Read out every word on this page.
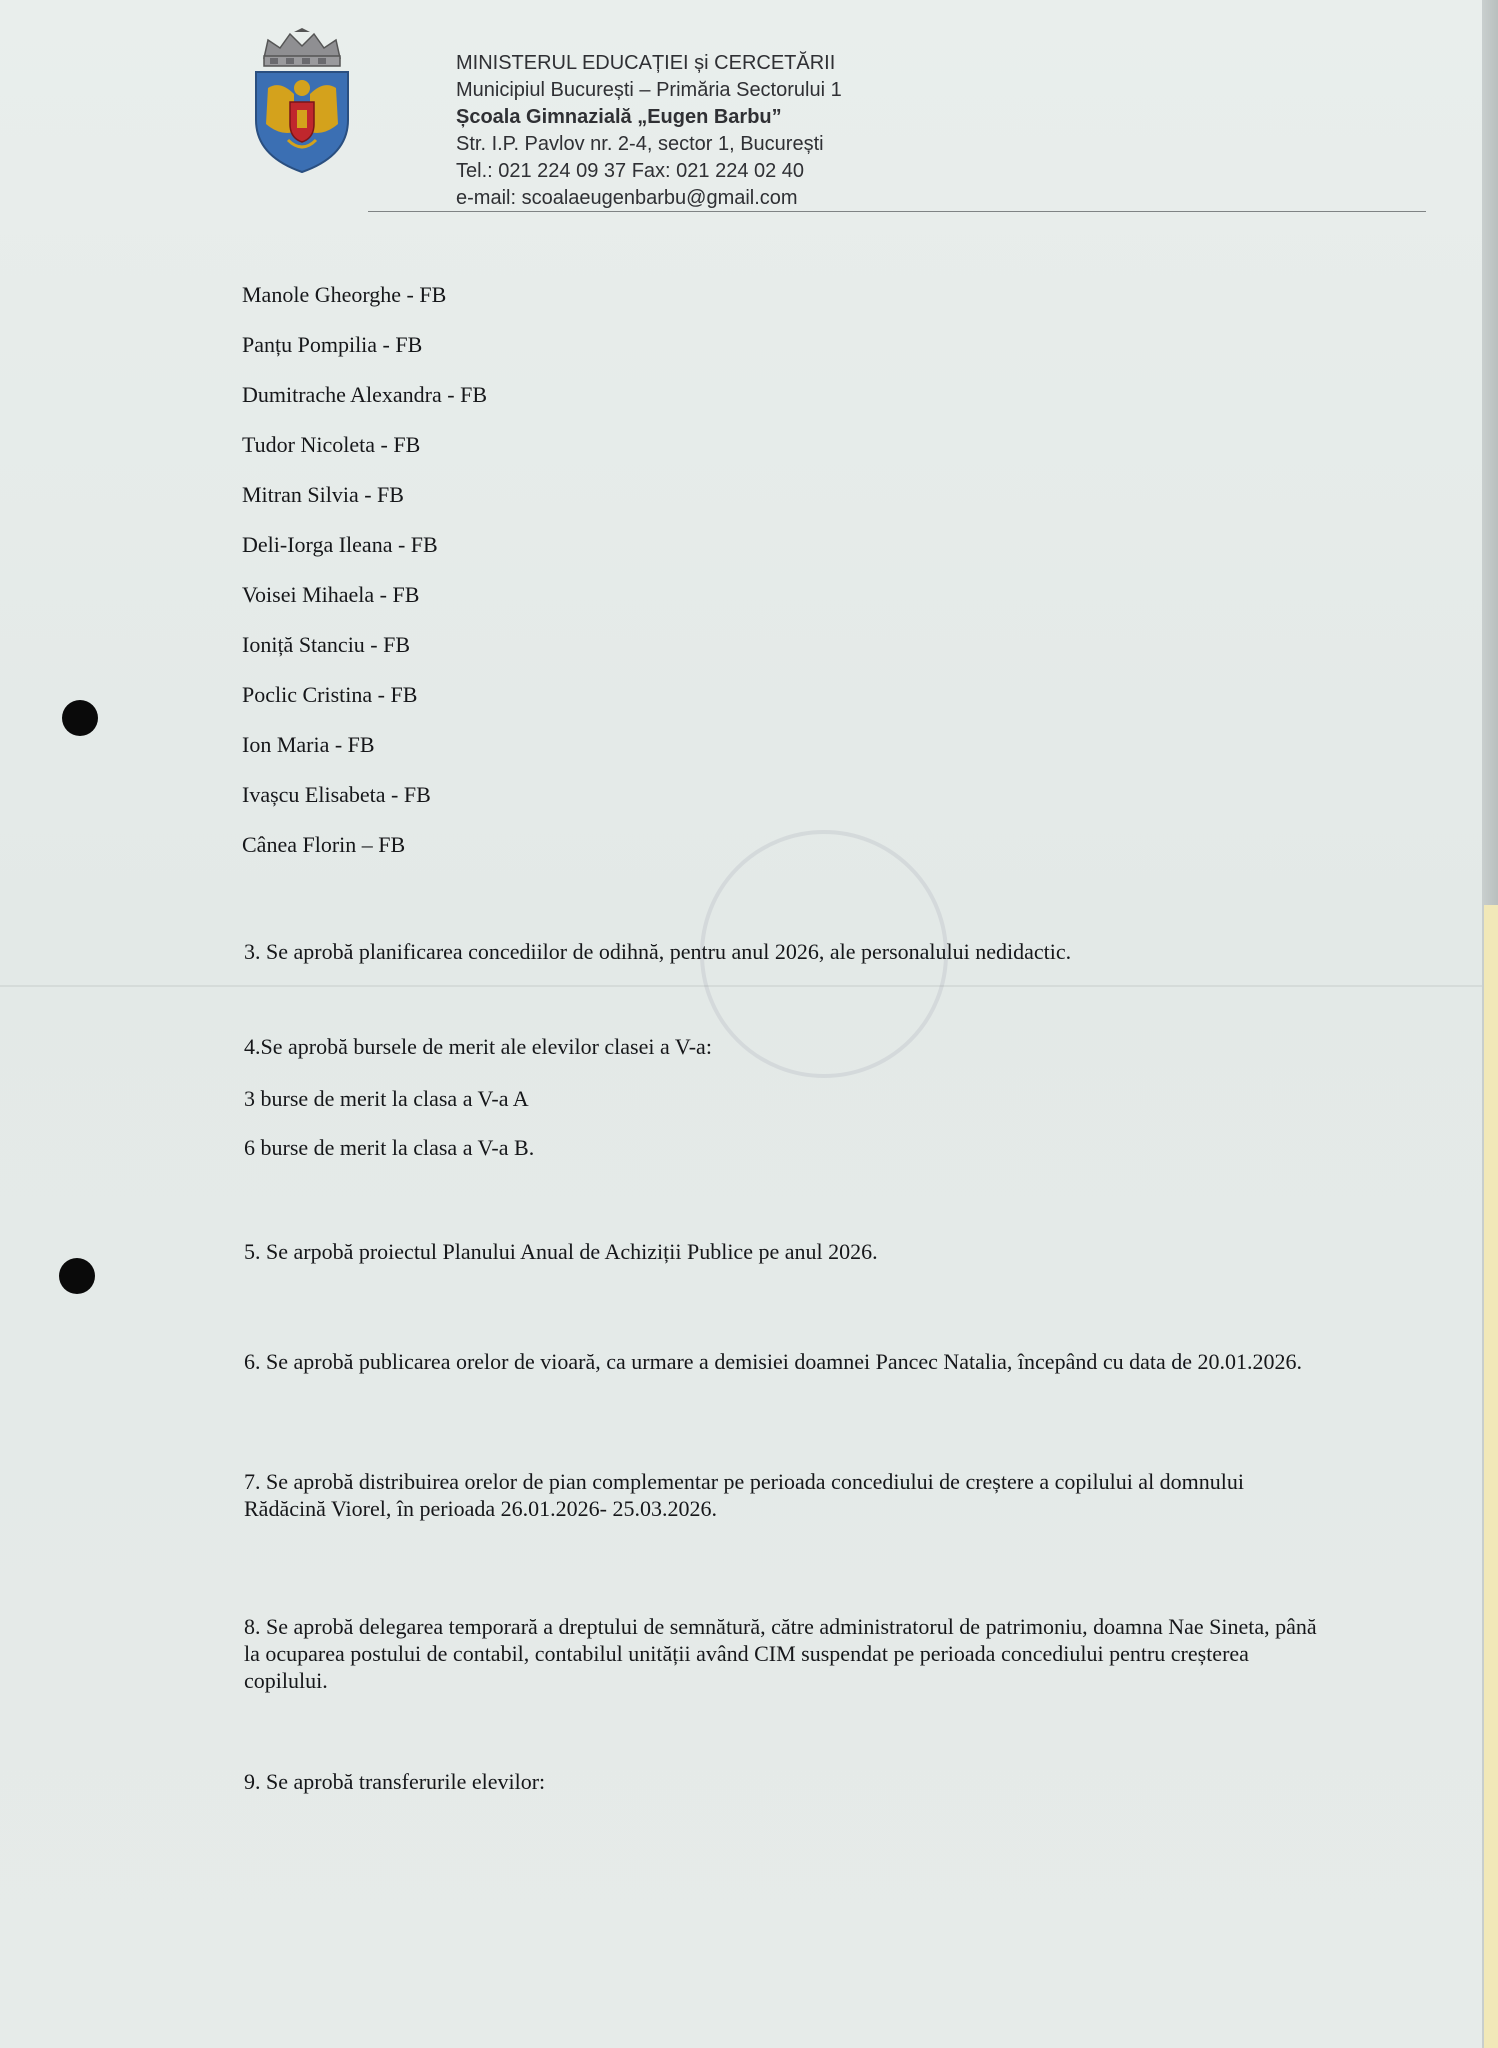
MINISTERUL EDUCAȚIEI și CERCETĂRII
Municipiul București – Primăria Sectorului 1
Școala Gimnazială „Eugen Barbu”
Str. I.P. Pavlov nr. 2-4, sector 1, București
Tel.: 021 224 09 37 Fax: 021 224 02 40
e-mail: scoalaeugenbarbu@gmail.com
Manole Gheorghe - FB
Panțu Pompilia - FB
Dumitrache Alexandra - FB
Tudor Nicoleta - FB
Mitran Silvia - FB
Deli-Iorga Ileana - FB
Voisei Mihaela - FB
Ioniță Stanciu - FB
Poclic Cristina - FB
Ion Maria - FB
Ivașcu Elisabeta - FB
Cânea Florin – FB

3. Se aprobă planificarea concediilor de odihnă, pentru anul 2026, ale personalului nedidactic.

4.Se aprobă bursele de merit ale elevilor clasei a V-a:

3 burse de merit la clasa a V-a A

6 burse de merit la clasa a V-a B.

5. Se arpobă proiectul Planului Anual de Achiziții Publice pe anul 2026.

6. Se aprobă publicarea orelor de vioară, ca urmare a demisiei doamnei Pancec Natalia, începând cu data de 20.01.2026.

7. Se aprobă distribuirea orelor de pian complementar pe perioada concediului de creștere a copilului al domnului Rădăcină Viorel, în perioada 26.01.2026- 25.03.2026.

8. Se aprobă delegarea temporară a dreptului de semnătură, către administratorul de patrimoniu, doamna Nae Sineta, până la ocuparea postului de contabil, contabilul unității având CIM suspendat pe perioada concediului pentru creșterea copilului.

9. Se aprobă transferurile elevilor:
